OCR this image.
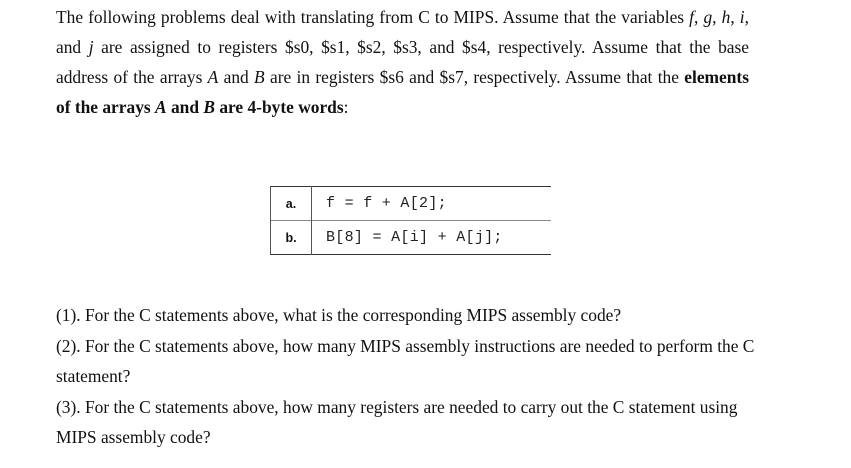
The following problems deal with translating from C to MIPS. Assume that the variables f, g, h, i, and j are assigned to registers $s0, $s1, $s2, $s3, and $s4, respectively. Assume that the base address of the arrays A and B are in registers $s6 and $s7, respectively. Assume that the elements of the arrays A and B are 4-byte words:
a.	f = f + A[2];
b.	B[8] = A[i] + A[j];

(1). For the C statements above, what is the corresponding MIPS assembly code?

(2). For the C statements above, how many MIPS assembly instructions are needed to perform the C statement?

(3). For the C statements above, how many registers are needed to carry out the C statement using MIPS assembly code?
